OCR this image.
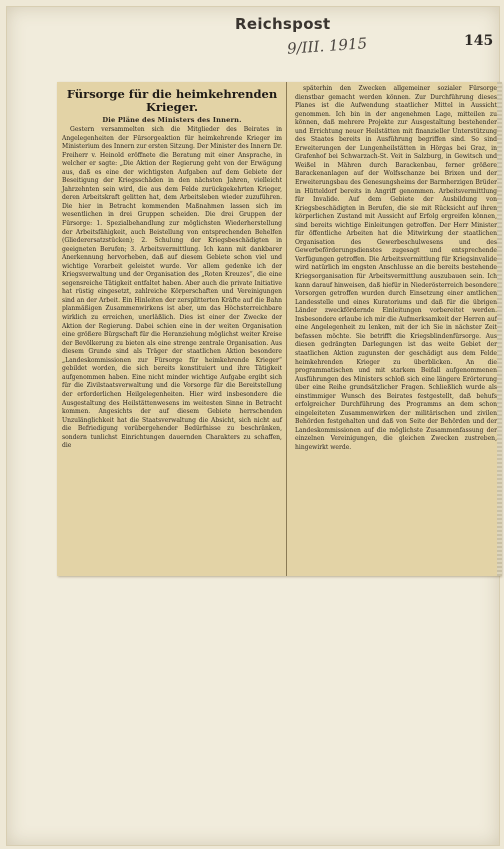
Reichspost
9/III. 1915	145
Fürsorge für die heimkehrenden Krieger.
Die Pläne des Ministers des Innern.

Gestern versammelten sich die Mitglieder des Beirates in Angelegenheiten der Fürsorgeaktion für heimkehrende Krieger im Ministerium des Innern zur ersten Sitzung. Der Minister des Innern Dr. Freiherr v. Heinold eröffnete die Beratung mit einer Ansprache, in welcher er sagte: „Die Aktion der Regierung geht von der Erwägung aus, daß es eine der wichtigsten Aufgaben auf dem Gebiete der Beseitigung der Kriegsschäden in den nächsten Jahren, vielleicht Jahrzehnten sein wird, die aus dem Felde zurückgekehrten Krieger, deren Arbeitskraft gelitten hat, dem Arbeitsleben wieder zuzuführen. Die hier in Betracht kommenden Maßnahmen lassen sich im wesentlichen in drei Gruppen scheiden. Die drei Gruppen der Fürsorge: 1. Spezialbehandlung zur möglichsten Wiederherstellung der Arbeitsfähigkeit, auch Beistellung von entsprechenden Behelfen (Gliederersatzstücken); 2. Schulung der Kriegsbeschädigten in geeigneten Berufen; 3. Arbeitsvermittlung. Ich kann mit dankbarer Anerkennung hervorheben, daß auf diesem Gebiete schon viel und wichtige Vorarbeit geleistet wurde. Vor allem gedenke ich der Kriegsverwaltung und der Organisation des „Roten Kreuzes“, die eine segensreiche Tätigkeit entfaltet haben. Aber auch die private Initiative hat rüstig eingesetzt, zahlreiche Körperschaften und Vereinigungen sind an der Arbeit. Ein Hinleiten der zersplitterten Kräfte auf die Bahn planmäßigen Zusammenwirkens ist aber, um das Höchsterreichbare wirklich zu erreichen, unerläßlich. Dies ist einer der Zwecke der Aktion der Regierung. Dabei schien eine in der weiten Organisation eine größere Bürgschaft für die Heranziehung möglichst weiter Kreise der Bevölkerung zu bieten als eine strenge zentrale Organisation. Aus diesem Grunde sind als Träger der staatlichen Aktion besondere „Landeskommissionen zur Fürsorge für heimkehrende Krieger“ gebildet worden, die sich bereits konstituiert und ihre Tätigkeit aufgenommen haben. Eine nicht minder wichtige Aufgabe ergibt sich für die Zivilstaatsverwaltung und die Vorsorge für die Bereitstellung der erforderlichen Heilgelegenheiten. Hier wird insbesondere die Ausgestaltung des Heilstättenwesens im weitesten Sinne in Betracht kommen. Angesichts der auf diesem Gebiete herrschenden Unzulänglichkeit hat die Staatsverwaltung die Absicht, sich nicht auf die Befriedigung vorübergehender Bedürfnisse zu beschränken, sondern tunlichst Einrichtungen dauernden Charakters zu schaffen, die

späterhin den Zwecken allgemeiner sozialer Fürsorge dienstbar gemacht werden können. Zur Durchführung dieses Planes ist die Aufwendung staatlicher Mittel in Aussicht genommen. Ich bin in der angenehmen Lage, mitteilen zu können, daß mehrere Projekte zur Ausgestaltung bestehender und Errichtung neuer Heilstätten mit finanzieller Unterstützung des Staates bereits in Ausführung begriffen sind. So sind Erweiterungen der Lungenheilstätten in Hörgas bei Graz, in Grafenhof bei Schwarzach-St. Veit in Salzburg, in Gewitsch und Weißel in Mähren durch Barackenbau, ferner größere Barackenanlagen auf der Wolfsschanze bei Brixen und der Erweiterungsbau des Genesungsheims der Barmherzigen Brüder in Hütteldorf bereits in Angriff genommen. Arbeitsvermittlung für Invalide. Auf dem Gebiete der Ausbildung von Kriegsbeschädigten in Berufen, die sie mit Rücksicht auf ihren körperlichen Zustand mit Aussicht auf Erfolg ergreifen können, sind bereits wichtige Einleitungen getroffen. Der Herr Minister für öffentliche Arbeiten hat die Mitwirkung der staatlichen Organisation des Gewerbeschulwesens und des Gewerbeförderungsdienstes zugesagt und entsprechende Verfügungen getroffen. Die Arbeitsvermittlung für Kriegsinvalide wird natürlich im engsten Anschlusse an die bereits bestehende Kriegsorganisation für Arbeitsvermittlung auszubauen sein. Ich kann darauf hinweisen, daß hiefür in Niederösterreich besondere Vorsorgen getroffen wurden durch Einsetzung einer amtlichen Landesstelle und eines Kuratoriums und daß für die übrigen Länder zweckfördernde Einleitungen vorbereitet werden. Insbesondere erlaube ich mir die Aufmerksamkeit der Herren auf eine Angelegenheit zu lenken, mit der ich Sie in nächster Zeit befassen möchte. Sie betrifft die Kriegsblindenfürsorge. Aus diesen gedrängten Darlegungen ist das weite Gebiet der staatlichen Aktion zugunsten der geschädigt aus dem Felde heimkehrenden Krieger zu überblicken. An die programmatischen und mit starkem Beifall aufgenommenen Ausführungen des Ministers schloß sich eine längere Erörterung über eine Reihe grundsätzlicher Fragen. Schließlich wurde als einstimmiger Wunsch des Beirates festgestellt, daß behufs erfolgreicher Durchführung des Programms an dem schon eingeleiteten Zusammenwirken der militärischen und zivilen Behörden festgehalten und daß von Seite der Behörden und der Landeskommissionen auf die möglichste Zusammenfassung der einzelnen Vereinigungen, die gleichen Zwecken zustreben, hingewirkt werde.
